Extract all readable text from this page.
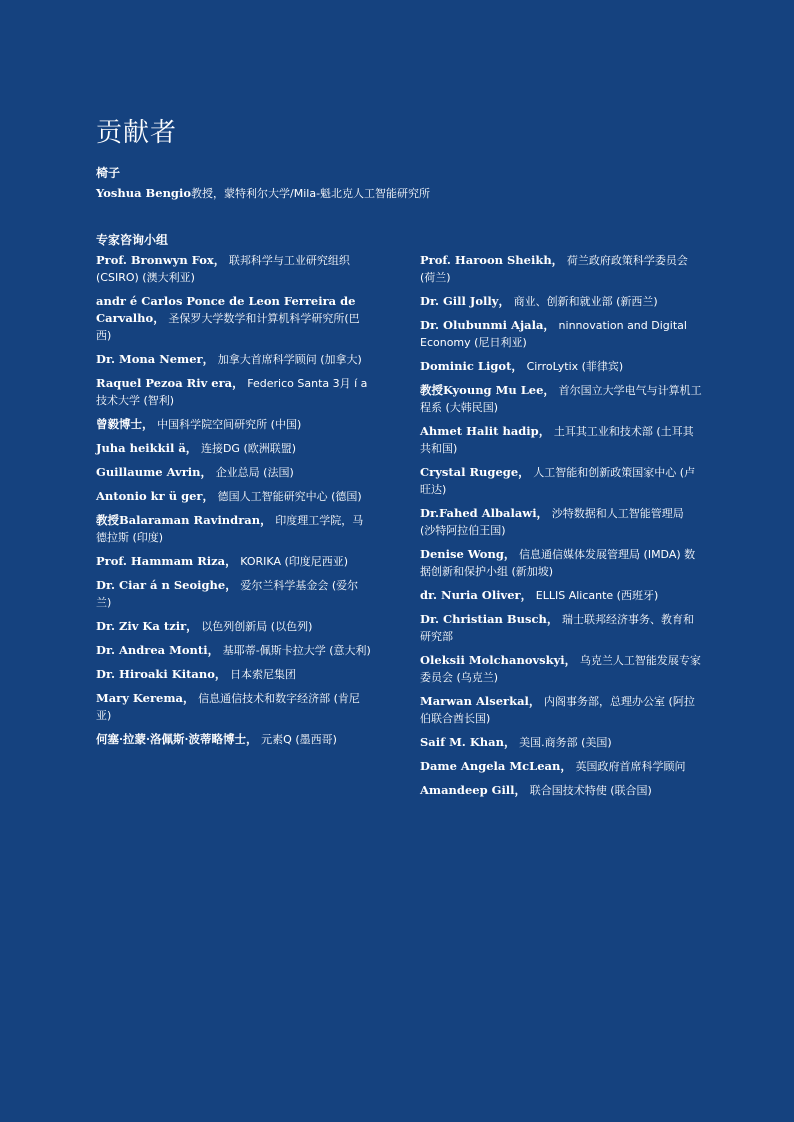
贡献者
椅子
Yoshua Bengio教授，蒙特利尔大学/Mila-魁北克人工智能研究所
专家咨询小组

Prof. Bronwyn Fox， 联邦科学与工业研究组织(CSIRO) (澳大利亚)

andr é Carlos Ponce de Leon Ferreira de Carvalho， 圣保罗大学数学和计算机科学研究所(巴西)

Dr. Mona Nemer， 加拿大首席科学顾问 (加拿大)

Raquel Pezoa Riv era， Federico Santa 3月 í a技术大学 (智利)

曾毅博士， 中国科学院空间研究所 (中国)

Juha heikkil ä， 连接DG (欧洲联盟)

Guillaume Avrin， 企业总局 (法国)

Antonio kr ü ger， 德国人工智能研究中心 (德国)

教授Balaraman Ravindran， 印度理工学院，马德拉斯 (印度)

Prof. Hammam Riza， KORIKA (印度尼西亚)

Dr. Ciar á n Seoighe， 爱尔兰科学基金会 (爱尔兰)

Dr. Ziv Ka tzir， 以色列创新局 (以色列)

Dr. Andrea Monti， 基耶蒂-佩斯卡拉大学 (意大利)

Dr. Hiroaki Kitano， 日本索尼集团

Mary Kerema， 信息通信技术和数字经济部 (肯尼亚)

何塞·拉蒙·洛佩斯·波蒂略博士， 元素Q (墨西哥)

Prof. Haroon Sheikh， 荷兰政府政策科学委员会 (荷兰)

Dr. Gill Jolly， 商业、创新和就业部 (新西兰)

Dr. Olubunmi Ajala， ninnovation and Digital Economy (尼日利亚)

Dominic Ligot， CirroLytix (菲律宾)

教授Kyoung Mu Lee， 首尔国立大学电气与计算机工程系 (大韩民国)

Ahmet Halit hadip， 土耳其工业和技术部 (土耳其共和国)

Crystal Rugege， 人工智能和创新政策国家中心 (卢旺达)

Dr.Fahed Albalawi， 沙特数据和人工智能管理局 (沙特阿拉伯王国)

Denise Wong， 信息通信媒体发展管理局 (IMDA) 数据创新和保护小组 (新加坡)

dr. Nuria Oliver， ELLIS Alicante (西班牙)

Dr. Christian Busch， 瑞士联邦经济事务、教育和研究部

Oleksii Molchanovskyi， 乌克兰人工智能发展专家委员会 (乌克兰)

Marwan Alserkal， 内阁事务部，总理办公室 (阿拉伯联合酋长国)

Saif M. Khan， 美国.商务部 (美国)

Dame Angela McLean， 英国政府首席科学顾问

Amandeep Gill， 联合国技术特使 (联合国)
